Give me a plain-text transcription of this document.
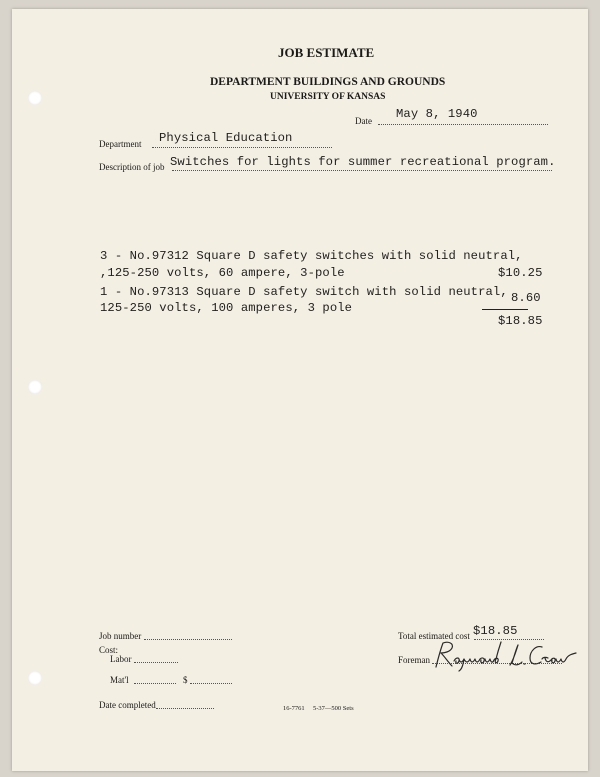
JOB ESTIMATE
DEPARTMENT BUILDINGS AND GROUNDS
UNIVERSITY OF KANSAS
Date May 8, 1940
Department Physical Education
Description of job Switches for lights for summer recreational program.
3 - No.97312 Square D safety switches with solid neutral,
,125-250 volts, 60 ampere, 3-pole	$10.25
1 - No.97313 Square D safety switch with solid neutral,
125-250 volts, 100 amperes, 3 pole
8.60
$18.85
Job number
Cost:
Labor
Mat'l	$
Date completed	16-7761 5-37—500 Sets
Total estimated cost $18.85
Foreman
